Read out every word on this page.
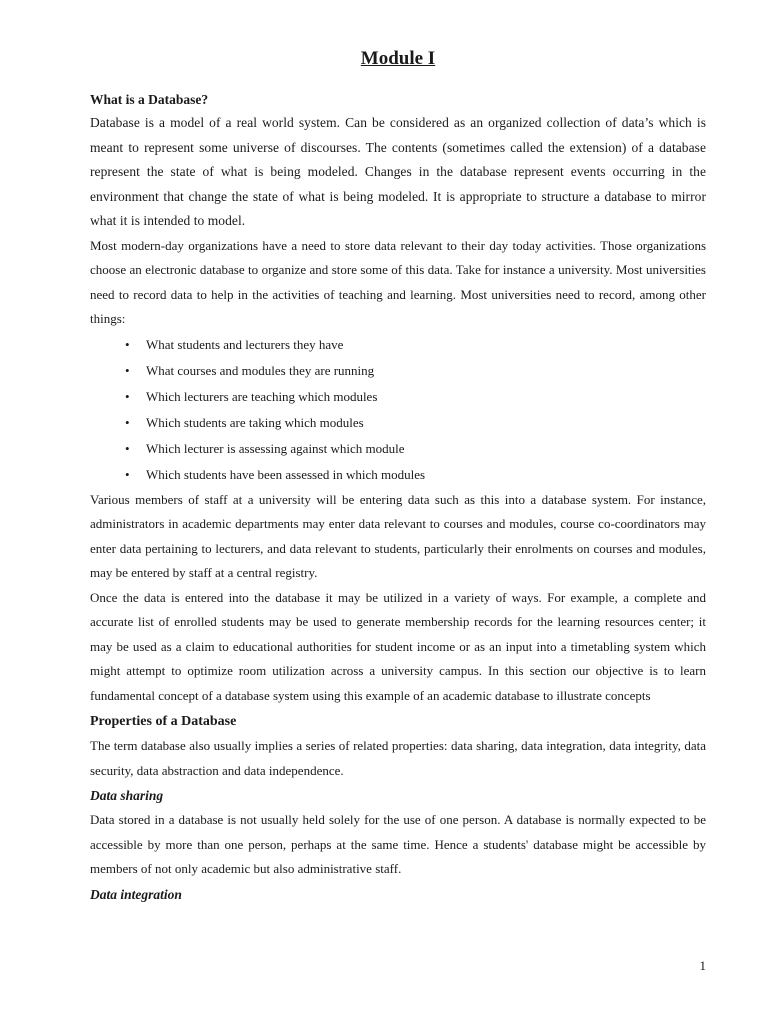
Module I
What is a Database?

Database is a model of a real world system. Can be considered as an organized collection of data’s which is meant to represent some universe of discourses. The contents (sometimes called the extension) of a database represent the state of what is being modeled. Changes in the database represent events occurring in the environment that change the state of what is being modeled. It is appropriate to structure a database to mirror what it is intended to model.

Most modern-day organizations have a need to store data relevant to their day today activities. Those organizations choose an electronic database to organize and store some of this data. Take for instance a university. Most universities need to record data to help in the activities of teaching and learning. Most universities need to record, among other things:

• What students and lecturers they have
• What courses and modules they are running
• Which lecturers are teaching which modules
• Which students are taking which modules
• Which lecturer is assessing against which module
• Which students have been assessed in which modules

Various members of staff at a university will be entering data such as this into a database system. For instance, administrators in academic departments may enter data relevant to courses and modules, course co-coordinators may enter data pertaining to lecturers, and data relevant to students, particularly their enrolments on courses and modules, may be entered by staff at a central registry.

Once the data is entered into the database it may be utilized in a variety of ways. For example, a complete and accurate list of enrolled students may be used to generate membership records for the learning resources center; it may be used as a claim to educational authorities for student income or as an input into a timetabling system which might attempt to optimize room utilization across a university campus. In this section our objective is to learn fundamental concept of a database system using this example of an academic database to illustrate concepts

Properties of a Database

The term database also usually implies a series of related properties: data sharing, data integration, data integrity, data security, data abstraction and data independence.

Data sharing

Data stored in a database is not usually held solely for the use of one person. A database is normally expected to be accessible by more than one person, perhaps at the same time. Hence a students' database might be accessible by members of not only academic but also administrative staff.

Data integration
1
